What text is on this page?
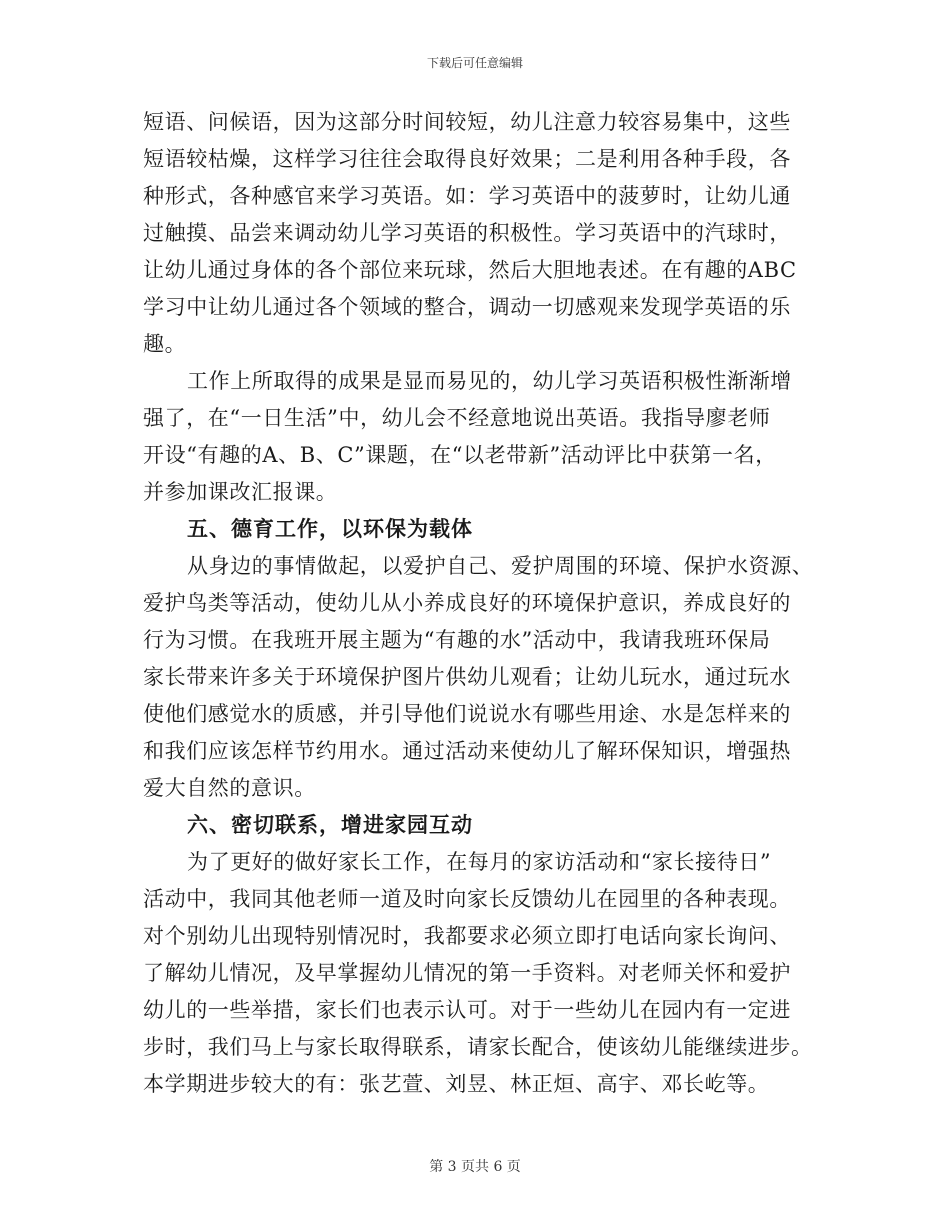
下载后可任意编辑
短语、问候语，因为这部分时间较短，幼儿注意力较容易集中，这些
短语较枯燥，这样学习往往会取得良好效果；二是利用各种手段，各
种形式，各种感官来学习英语。如：学习英语中的菠萝时，让幼儿通
过触摸、品尝来调动幼儿学习英语的积极性。学习英语中的汽球时，
让幼儿通过身体的各个部位来玩球，然后大胆地表述。在有趣的ABC
学习中让幼儿通过各个领域的整合，调动一切感观来发现学英语的乐
趣。
工作上所取得的成果是显而易见的，幼儿学习英语积极性渐渐增
强了，在“一日生活”中，幼儿会不经意地说出英语。我指导廖老师
开设“有趣的A、B、C”课题，在“以老带新”活动评比中获第一名，
并参加课改汇报课。
五、德育工作，以环保为载体
从身边的事情做起，以爱护自己、爱护周围的环境、保护水资源、
爱护鸟类等活动，使幼儿从小养成良好的环境保护意识，养成良好的
行为习惯。在我班开展主题为“有趣的水”活动中，我请我班环保局
家长带来许多关于环境保护图片供幼儿观看；让幼儿玩水，通过玩水
使他们感觉水的质感，并引导他们说说水有哪些用途、水是怎样来的
和我们应该怎样节约用水。通过活动来使幼儿了解环保知识，增强热
爱大自然的意识。
六、密切联系，增进家园互动
为了更好的做好家长工作，在每月的家访活动和“家长接待日”
活动中，我同其他老师一道及时向家长反馈幼儿在园里的各种表现。
对个别幼儿出现特别情况时，我都要求必须立即打电话向家长询问、
了解幼儿情况，及早掌握幼儿情况的第一手资料。对老师关怀和爱护
幼儿的一些举措，家长们也表示认可。对于一些幼儿在园内有一定进
步时，我们马上与家长取得联系，请家长配合，使该幼儿能继续进步。
本学期进步较大的有：张艺萱、刘昱、林正烜、高宇、邓长屹等。
第 3 页共 6 页
